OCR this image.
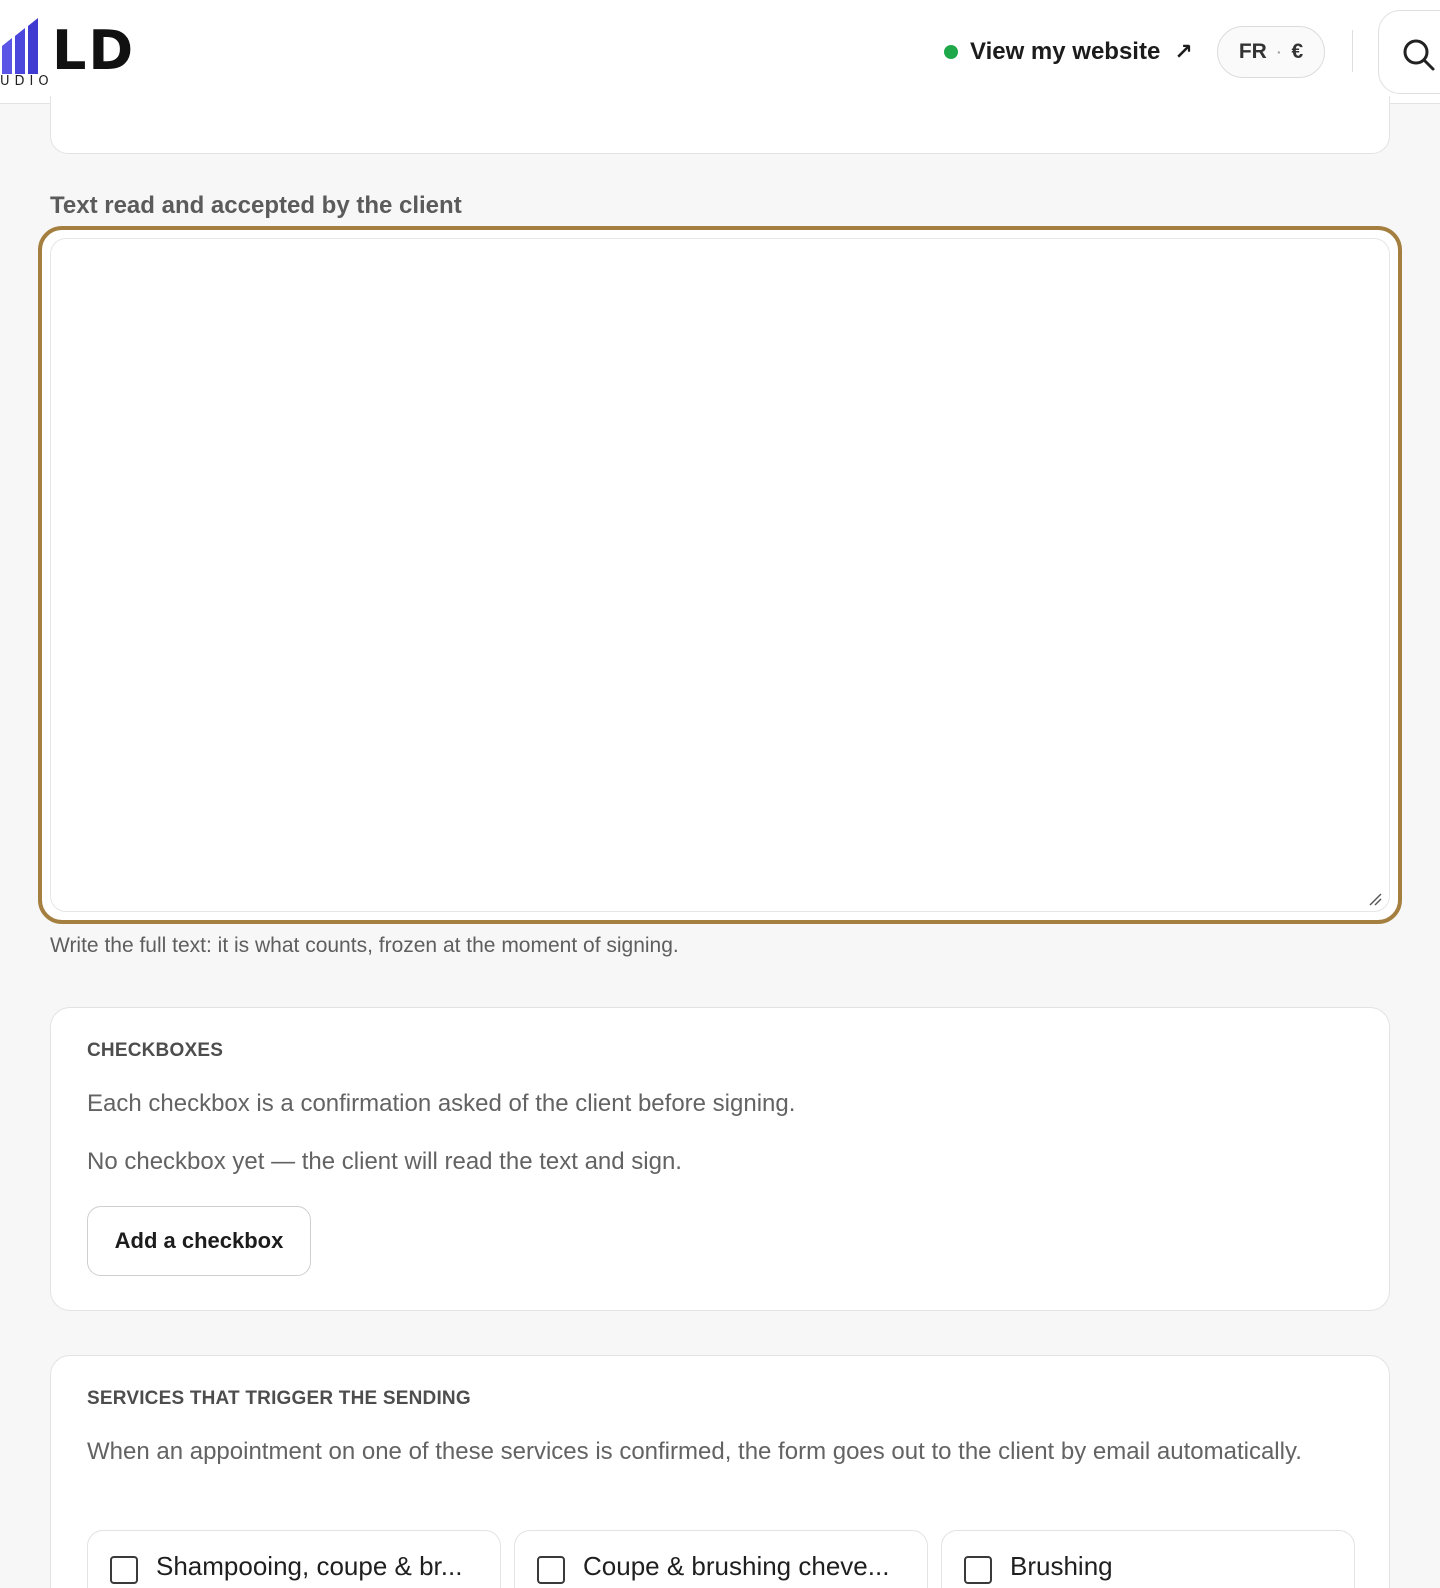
LD
UDIO
View my website ↗ FR · €
Text read and accepted by the client
Write the full text: it is what counts, frozen at the moment of signing.
CHECKBOXES
Each checkbox is a confirmation asked of the client before signing.
No checkbox yet — the client will read the text and sign.
Add a checkbox
SERVICES THAT TRIGGER THE SENDING
When an appointment on one of these services is confirmed, the form goes out to the client by email automatically.
Shampooing, coupe & br...	Coupe & brushing cheve...	Brushing
